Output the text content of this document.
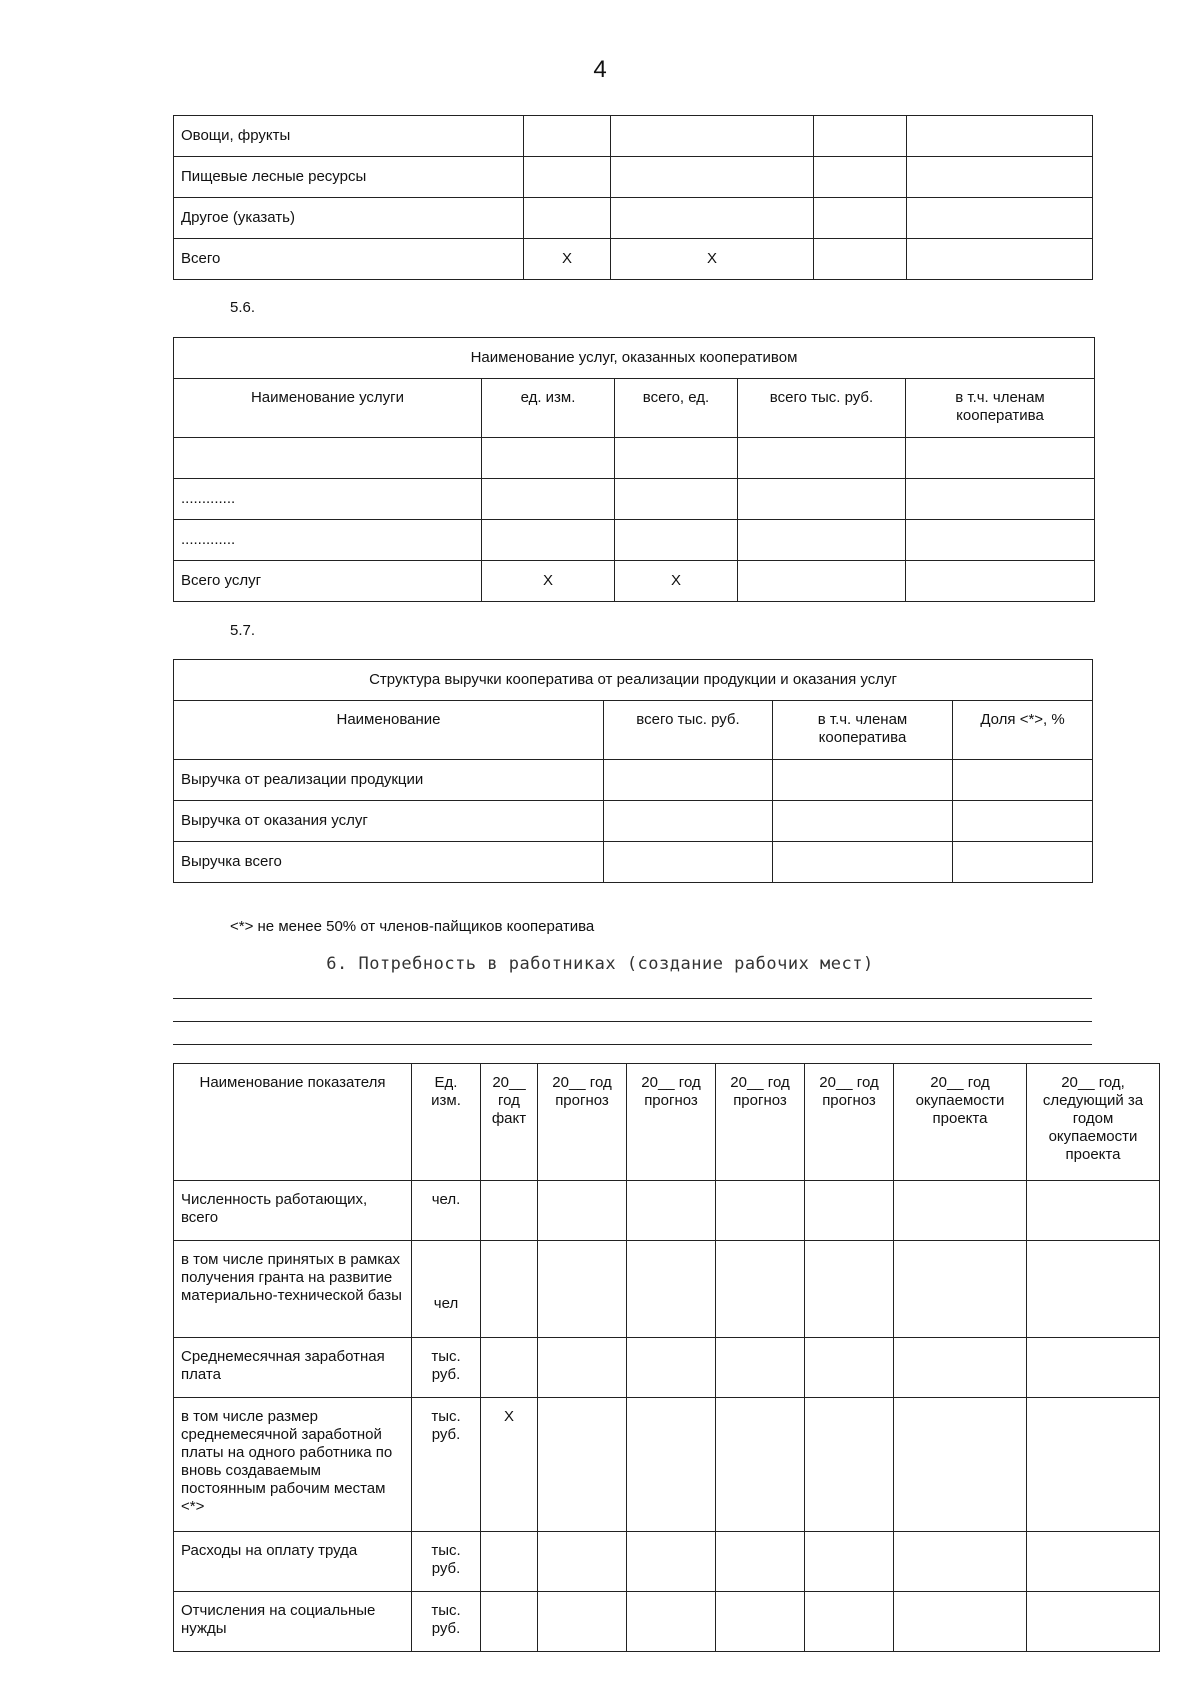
4
Овощи, фрукты				
Пищевые лесные ресурсы				
Другое (указать)				
Всего	X	X		
5.6.
Наименование услуг, оказанных кооперативом				
Наименование услуги	ед. изм.	всего, ед.	всего тыс. руб.	в т.ч. членам кооператива

.............				
.............				
Всего услуг	X	X		
5.7.
Структура выручки кооператива от реализации продукции и оказания услуг			
Наименование	всего тыс. руб.	в т.ч. членам кооператива	Доля <*>, %
Выручка от реализации продукции			
Выручка от оказания услуг			
Выручка всего			
<*> не менее 50% от членов-пайщиков кооператива
6. Потребность в работниках (создание рабочих мест)
Наименование показателя	Ед. изм.	20__ год факт	20__ год прогноз	20__ год прогноз	20__ год прогноз	20__ год прогноз	20__ год окупаемости проекта	20__ год, следующий за годом окупаемости проекта
Численность работающих, всего	чел.							
в том числе принятых в рамках получения гранта на развитие материально-технической базы	чел							
Среднемесячная заработная плата	тыс. руб.							
в том числе размер среднемесячной заработной платы на одного работника по вновь создаваемым постоянным рабочим местам <*>	тыс. руб.	X						
Расходы на оплату труда	тыс. руб.							
Отчисления на социальные нужды	тыс. руб.							
